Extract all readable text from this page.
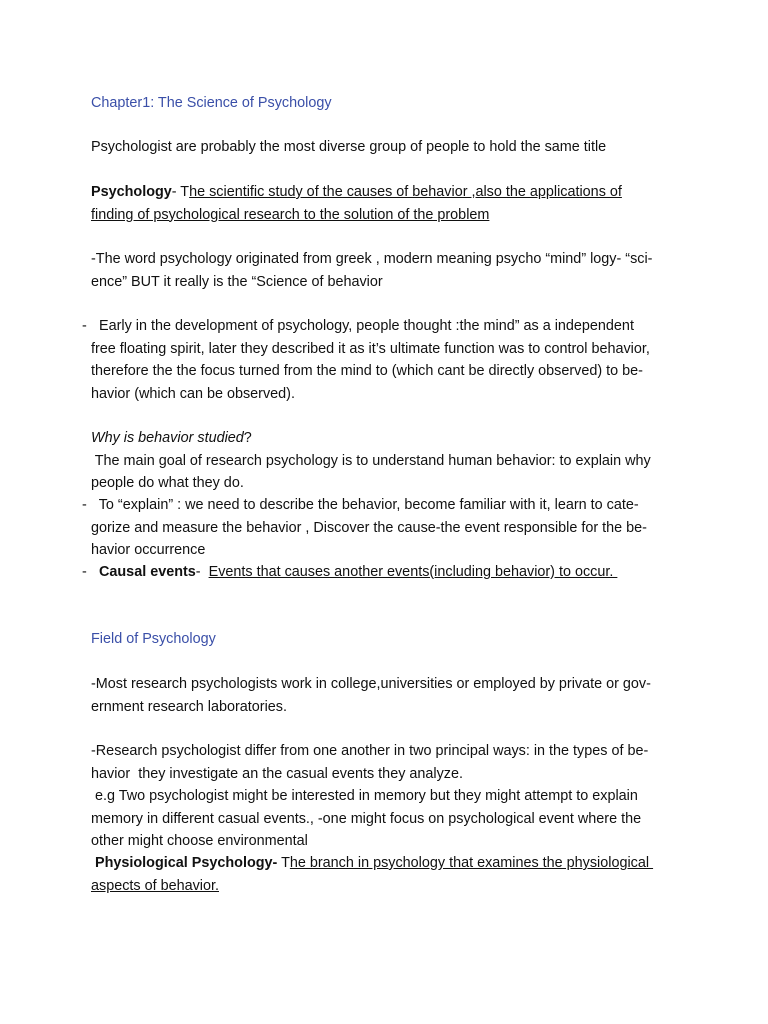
Chapter1: The Science of Psychology
Psychologist are probably the most diverse group of people to hold the same title
Psychology- The scientific study of the causes of behavior ,also the applications of
finding of psychological research to the solution of the problem
-The word psychology originated from greek , modern meaning psycho “mind” logy- “sci-
ence” BUT it really is the “Science of behavior
- Early in the development of psychology, people thought :the mind” as a independent
free floating spirit, later they described it as it’s ultimate function was to control behavior,
therefore the the focus turned from the mind to (which cant be directly observed) to be-
havior (which can be observed).
Why is behavior studied?
The main goal of research psychology is to understand human behavior: to explain why
people do what they do.
- To “explain” : we need to describe the behavior, become familiar with it, learn to cate-
gorize and measure the behavior , Discover the cause-the event responsible for the be-
havior occurrence
- Causal events-  Events that causes another events(including behavior) to occur.
Field of Psychology
-Most research psychologists work in college,universities or employed by private or gov-
ernment research laboratories.
-Research psychologist differ from one another in two principal ways: in the types of be-
havior  they investigate an the casual events they analyze.
e.g Two psychologist might be interested in memory but they might attempt to explain
memory in different casual events., -one might focus on psychological event where the
other might choose environmental
Physiological Psychology- The branch in psychology that examines the physiological
aspects of behavior.
